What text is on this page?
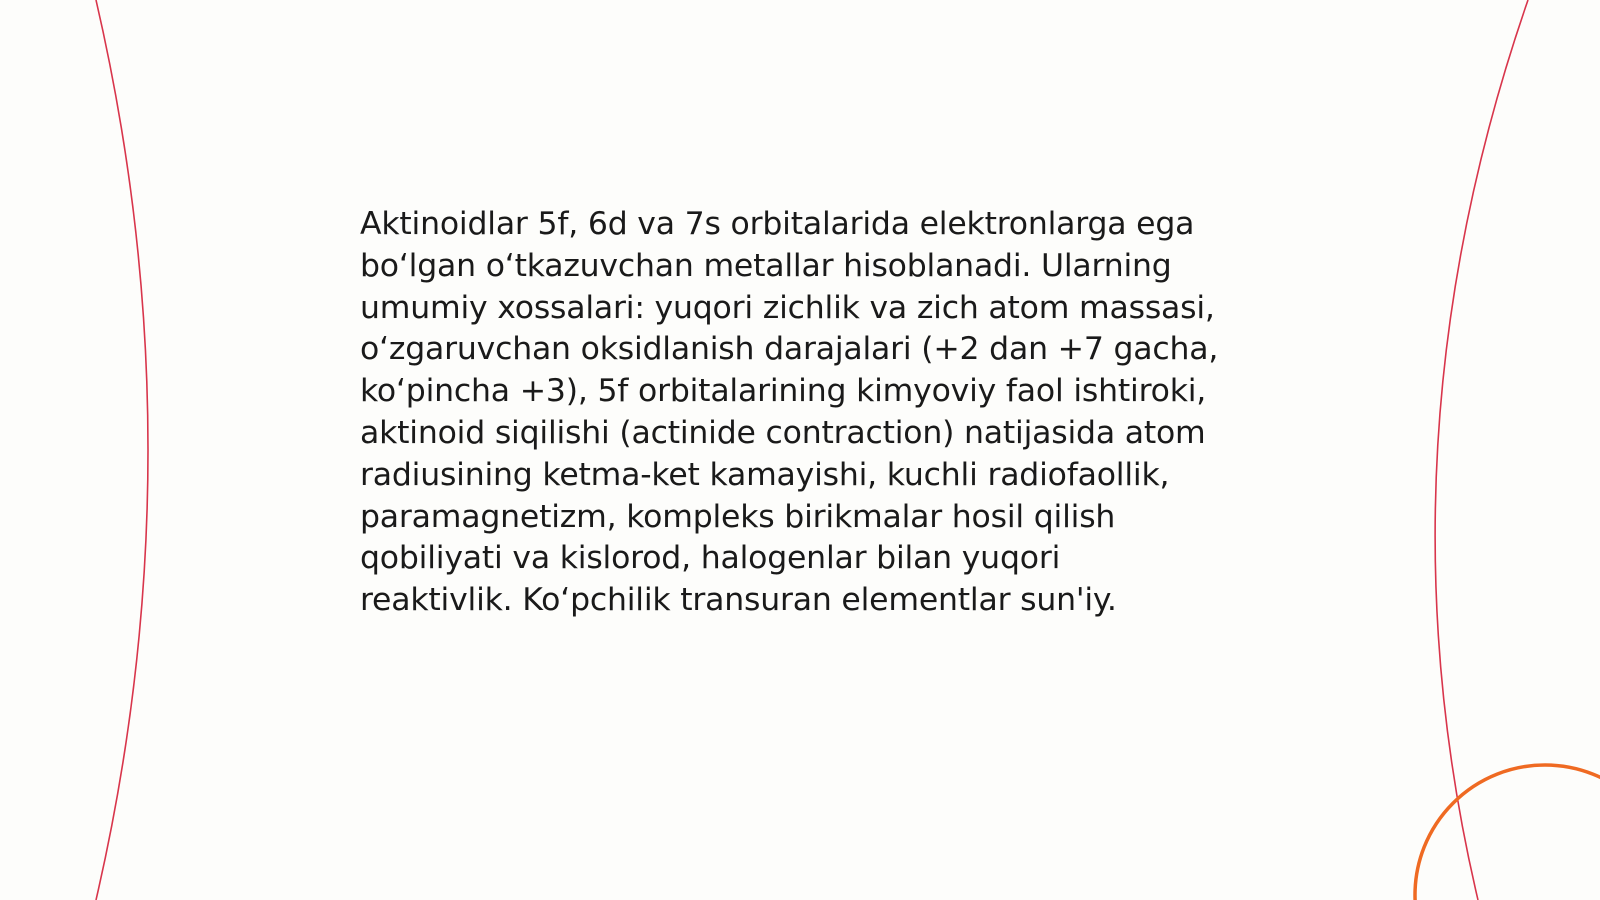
Aktinoidlar 5f, 6d va 7s orbitalarida elektronlarga ega
bo‘lgan o‘tkazuvchan metallar hisoblanadi. Ularning
umumiy xossalari: yuqori zichlik va zich atom massasi,
o‘zgaruvchan oksidlanish darajalari (+2 dan +7 gacha,
ko‘pincha +3), 5f orbitalarining kimyoviy faol ishtiroki,
aktinoid siqilishi (actinide contraction) natijasida atom
radiusining ketma-ket kamayishi, kuchli radiofaollik,
paramagnetizm, kompleks birikmalar hosil qilish
qobiliyati va kislorod, halogenlar bilan yuqori
reaktivlik. Ko‘pchilik transuran elementlar sun'iy.
